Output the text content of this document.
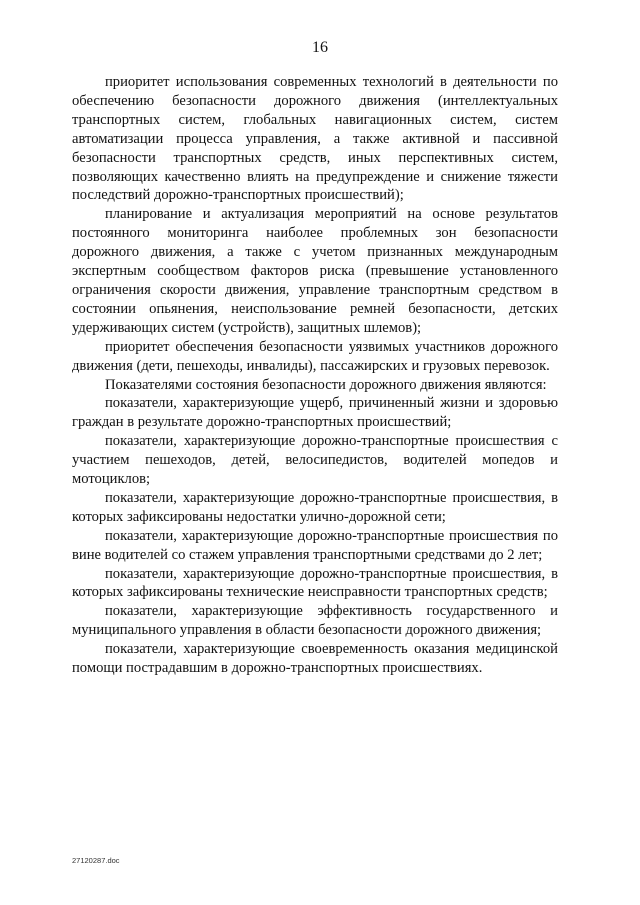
16

приоритет использования современных технологий в деятельности по обеспечению безопасности дорожного движения (интеллектуальных транспортных систем, глобальных навигационных систем, систем автоматизации процесса управления, а также активной и пассивной безопасности транспортных средств, иных перспективных систем, позволяющих качественно влиять на предупреждение и снижение тяжести последствий дорожно-транспортных происшествий);

планирование и актуализация мероприятий на основе результатов постоянного мониторинга наиболее проблемных зон безопасности дорожного движения, а также с учетом признанных международным экспертным сообществом факторов риска (превышение установленного ограничения скорости движения, управление транспортным средством в состоянии опьянения, неиспользование ремней безопасности, детских удерживающих систем (устройств), защитных шлемов);

приоритет обеспечения безопасности уязвимых участников дорожного движения (дети, пешеходы, инвалиды), пассажирских и грузовых перевозок.

Показателями состояния безопасности дорожного движения являются:

показатели, характеризующие ущерб, причиненный жизни и здоровью граждан в результате дорожно-транспортных происшествий;

показатели, характеризующие дорожно-транспортные происшествия с участием пешеходов, детей, велосипедистов, водителей мопедов и мотоциклов;

показатели, характеризующие дорожно-транспортные происшествия, в которых зафиксированы недостатки улично-дорожной сети;

показатели, характеризующие дорожно-транспортные происшествия по вине водителей со стажем управления транспортными средствами до 2 лет;

показатели, характеризующие дорожно-транспортные происшествия, в которых зафиксированы технические неисправности транспортных средств;

показатели, характеризующие эффективность государственного и муниципального управления в области безопасности дорожного движения;

показатели, характеризующие своевременность оказания медицинской помощи пострадавшим в дорожно-транспортных происшествиях.

27120287.doc
